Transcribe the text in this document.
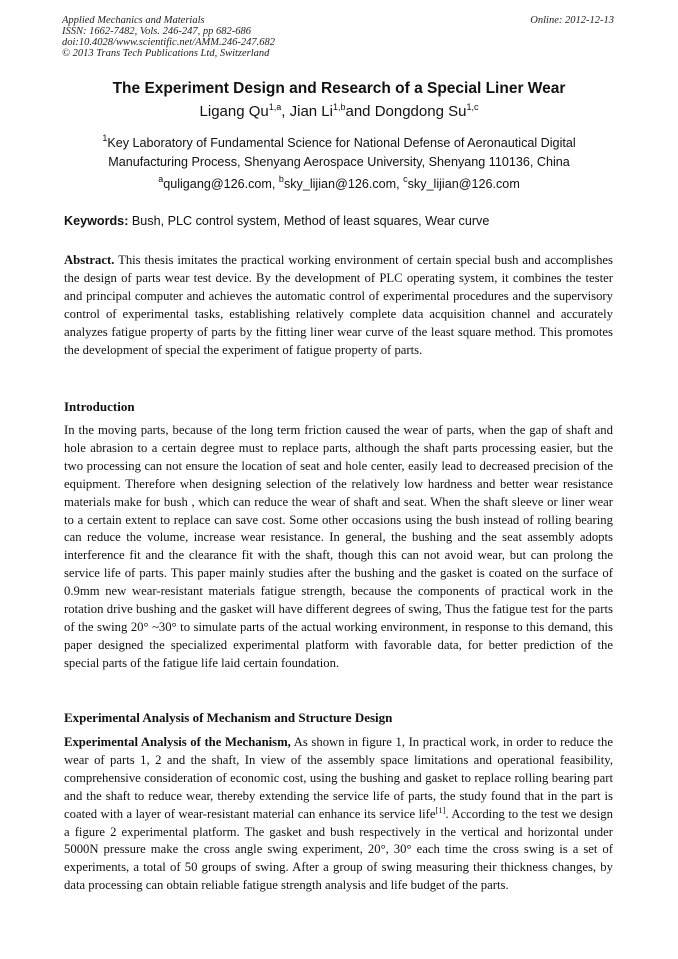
Applied Mechanics and Materials
ISSN: 1662-7482, Vols. 246-247, pp 682-686
doi:10.4028/www.scientific.net/AMM.246-247.682
© 2013 Trans Tech Publications Ltd, Switzerland
Online: 2012-12-13
The Experiment Design and Research of a Special Liner Wear
Ligang Qu$^{1,a}$, Jian Li$^{1,b}$and Dongdong Su$^{1,c}$
$^1$Key Laboratory of Fundamental Science for National Defense of Aeronautical Digital
Manufacturing Process, Shenyang Aerospace University, Shenyang 110136, China
$^a$quligang@126.com, $^b$sky_lijian@126.com, $^c$sky_lijian@126.com
Keywords: Bush, PLC control system, Method of least squares, Wear curve
Abstract. This thesis imitates the practical working environment of certain special bush and accomplishes the design of parts wear test device. By the development of PLC operating system, it combines the tester and principal computer and achieves the automatic control of experimental procedures and the supervisory control of experimental tasks, establishing relatively complete data acquisition channel and accurately analyzes fatigue property of parts by the fitting liner wear curve of the least square method. This promotes the development of special the experiment of fatigue property of parts.
Introduction
In the moving parts, because of the long term friction caused the wear of parts, when the gap of shaft and hole abrasion to a certain degree must to replace parts, although the shaft parts processing easier, but the two processing can not ensure the location of seat and hole center, easily lead to decreased precision of the equipment. Therefore when designing selection of the relatively low hardness and better wear resistance materials make for bush , which can reduce the wear of shaft and seat. When the shaft sleeve or liner wear to a certain extent to replace can save cost. Some other occasions using the bush instead of rolling bearing can reduce the volume, increase wear resistance. In general, the bushing and the seat assembly adopts interference fit and the clearance fit with the shaft, though this can not avoid wear, but can prolong the service life of parts. This paper mainly studies after the bushing and the gasket is coated on the surface of 0.9mm new wear-resistant materials fatigue strength, because the components of practical work in the rotation drive bushing and the gasket will have different degrees of swing, Thus the fatigue test for the parts of the swing 20° ~30° to simulate parts of the actual working environment, in response to this demand, this paper designed the specialized experimental platform with favorable data, for better prediction of the special parts of the fatigue life laid certain foundation.
Experimental Analysis of Mechanism and Structure Design
Experimental Analysis of the Mechanism, As shown in figure 1, In practical work, in order to reduce the wear of parts 1, 2 and the shaft, In view of the assembly space limitations and operational feasibility, comprehensive consideration of economic cost, using the bushing and gasket to replace rolling bearing part and the shaft to reduce wear, thereby extending the service life of parts, the study found that in the part is coated with a layer of wear-resistant material can enhance its service life[1]. According to the test we design a figure 2 experimental platform. The gasket and bush respectively in the vertical and horizontal under 5000N pressure make the cross angle swing experiment, 20°, 30° each time the cross swing is a set of experiments, a total of 50 groups of swing. After a group of swing measuring their thickness changes, by data processing can obtain reliable fatigue strength analysis and life budget of the parts.
